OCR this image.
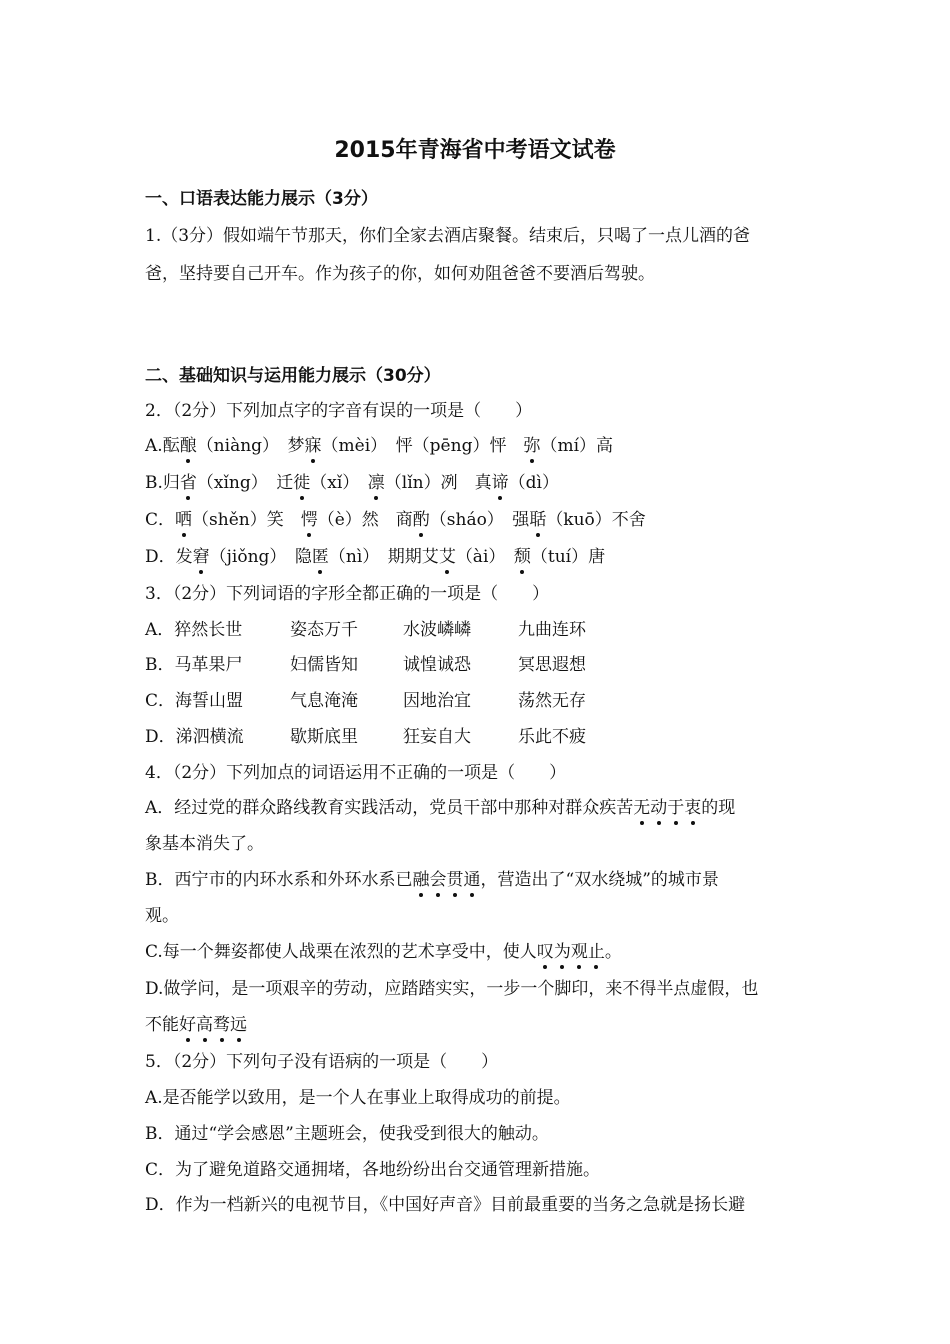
2015年青海省中考语文试卷
一、口语表达能力展示（3分）
1.（3分）假如端午节那天，你们全家去酒店聚餐。结束后，只喝了一点儿酒的爸
爸，坚持要自己开车。作为孩子的你，如何劝阻爸爸不要酒后驾驶。
二、基础知识与运用能力展示（30分）
2．（2分）下列加点字的字音有误的一项是（　　）
A.酝酿（niàng）　梦寐（mèi）　怦（pēng）怦　弥（mí）高
B.归省（xǐng）　迁徙（xǐ）　凛（lǐn）冽　真谛（dì）
C．哂（shěn）笑　愕（è）然　商酌（sháo）　强聒（kuō）不舍
D．发窘（jiǒng）　隐匿（nì）　期期艾艾（ài）　颓（tuí）唐
3．（2分）下列词语的字形全都正确的一项是（　　）
A．猝然长世	姿态万千	水波嶙嶙	九曲连环
B．马革果尸	妇儒皆知	诚惶诚恐	冥思遐想
C．海誓山盟	气息淹淹	因地治宜	荡然无存
D．涕泗横流	歇斯底里	狂妄自大	乐此不疲
4．（2分）下列加点的词语运用不正确的一项是（　　）
A．经过党的群众路线教育实践活动，党员干部中那种对群众疾苦无动于衷的现
象基本消失了。
B．西宁市的内环水系和外环水系已融会贯通，营造出了“双水绕城”的城市景
观。
C.每一个舞姿都使人战栗在浓烈的艺术享受中，使人叹为观止。
D.做学问，是一项艰辛的劳动，应踏踏实实，一步一个脚印，来不得半点虚假，也
不能好高骛远
5．（2分）下列句子没有语病的一项是（　　）
A.是否能学以致用，是一个人在事业上取得成功的前提。
B．通过“学会感恩”主题班会，使我受到很大的触动。
C．为了避免道路交通拥堵，各地纷纷出台交通管理新措施。
D．作为一档新兴的电视节目，《中国好声音》目前最重要的当务之急就是扬长避
